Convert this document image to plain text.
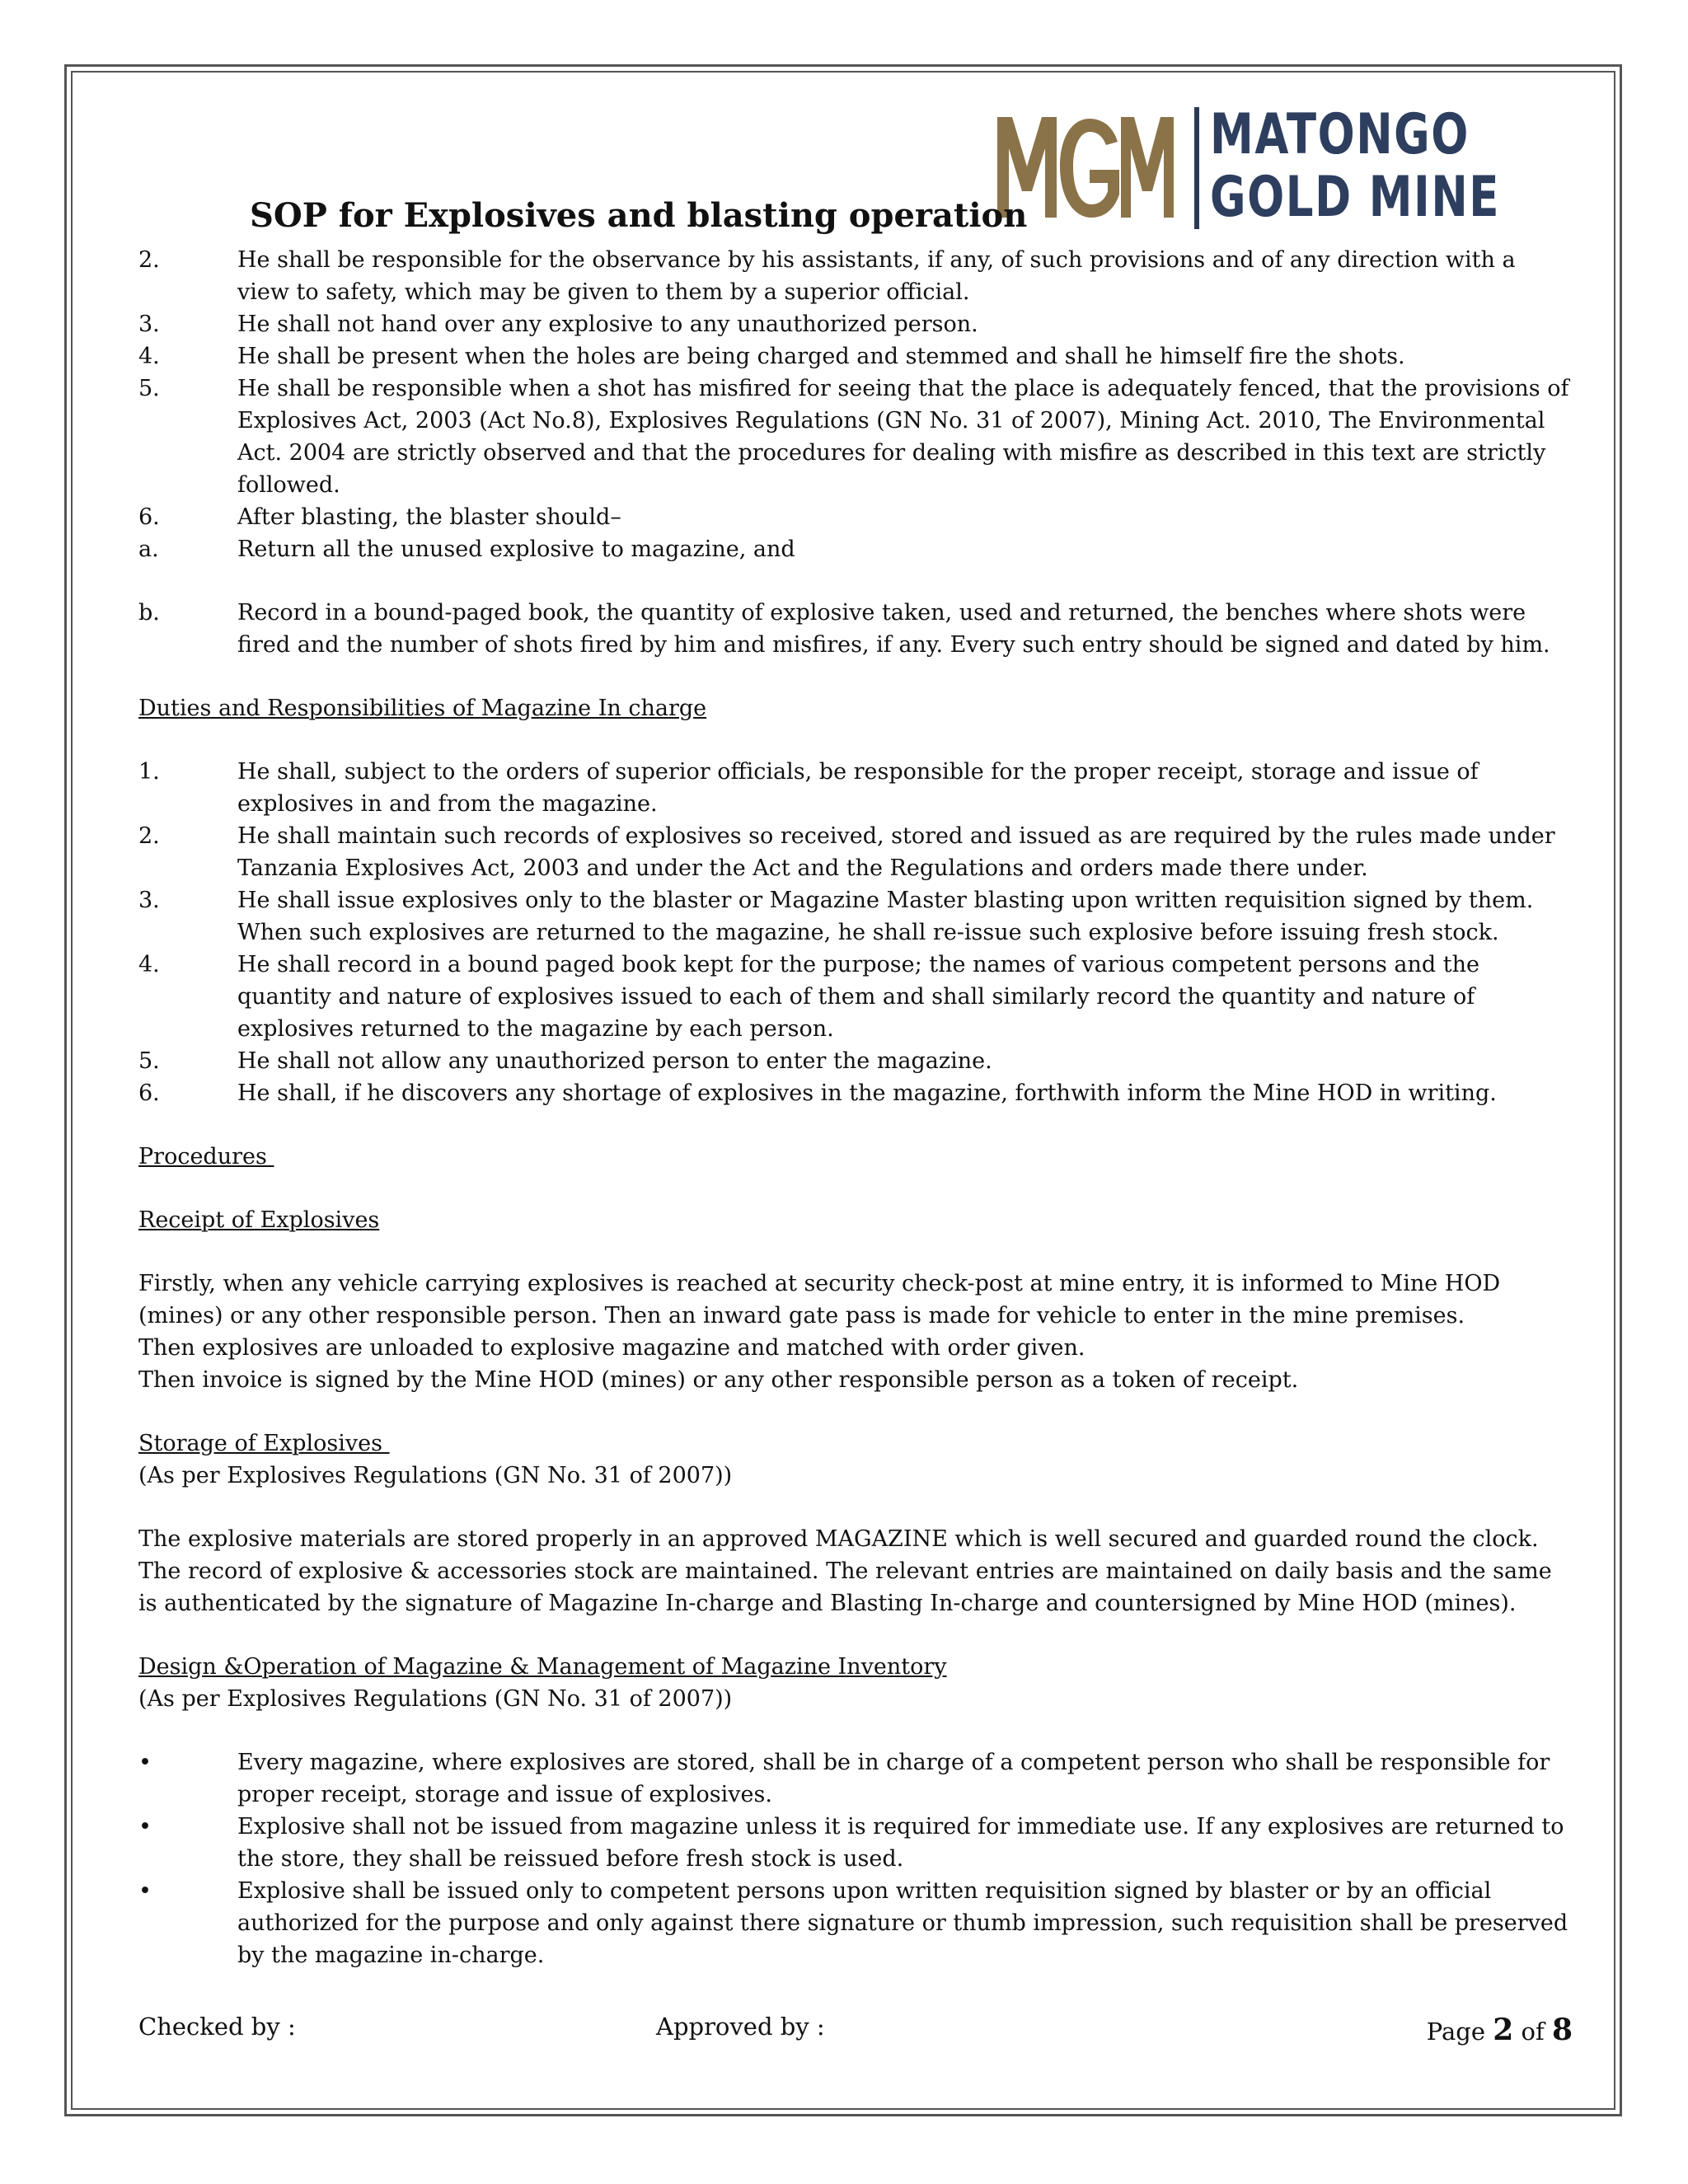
MATONGO
GOLD MINE
SOP for Explosives and blasting operation
2.	He shall be responsible for the observance by his assistants, if any, of such provisions and of any direction with a view to safety, which may be given to them by a superior official.
3.	He shall not hand over any explosive to any unauthorized person.
4.	He shall be present when the holes are being charged and stemmed and shall he himself fire the shots.
5.	He shall be responsible when a shot has misfired for seeing that the place is adequately fenced, that the provisions of Explosives Act, 2003 (Act No.8), Explosives Regulations (GN No. 31 of 2007), Mining Act. 2010, The Environmental Act. 2004 are strictly observed and that the procedures for dealing with misfire as described in this text are strictly followed.
6.	After blasting, the blaster should–
a.	Return all the unused explosive to magazine, and
b.	Record in a bound-paged book, the quantity of explosive taken, used and returned, the benches where shots were fired and the number of shots fired by him and misfires, if any. Every such entry should be signed and dated by him.
Duties and Responsibilities of Magazine In charge
1.	He shall, subject to the orders of superior officials, be responsible for the proper receipt, storage and issue of explosives in and from the magazine.
2.	He shall maintain such records of explosives so received, stored and issued as are required by the rules made under Tanzania Explosives Act, 2003 and under the Act and the Regulations and orders made there under.
3.	He shall issue explosives only to the blaster or Magazine Master blasting upon written requisition signed by them. When such explosives are returned to the magazine, he shall re-issue such explosive before issuing fresh stock.
4.	He shall record in a bound paged book kept for the purpose; the names of various competent persons and the quantity and nature of explosives issued to each of them and shall similarly record the quantity and nature of explosives returned to the magazine by each person.
5.	He shall not allow any unauthorized person to enter the magazine.
6.	He shall, if he discovers any shortage of explosives in the magazine, forthwith inform the Mine HOD in writing.
Procedures
Receipt of Explosives
Firstly, when any vehicle carrying explosives is reached at security check-post at mine entry, it is informed to Mine HOD (mines) or any other responsible person. Then an inward gate pass is made for vehicle to enter in the mine premises.
Then explosives are unloaded to explosive magazine and matched with order given.
Then invoice is signed by the Mine HOD (mines) or any other responsible person as a token of receipt.
Storage of Explosives
(As per Explosives Regulations (GN No. 31 of 2007))
The explosive materials are stored properly in an approved MAGAZINE which is well secured and guarded round the clock. The record of explosive & accessories stock are maintained. The relevant entries are maintained on daily basis and the same is authenticated by the signature of Magazine In-charge and Blasting In-charge and countersigned by Mine HOD (mines).
Design &Operation of Magazine & Management of Magazine Inventory
(As per Explosives Regulations (GN No. 31 of 2007))
•	Every magazine, where explosives are stored, shall be in charge of a competent person who shall be responsible for proper receipt, storage and issue of explosives.
•	Explosive shall not be issued from magazine unless it is required for immediate use. If any explosives are returned to the store, they shall be reissued before fresh stock is used.
•	Explosive shall be issued only to competent persons upon written requisition signed by blaster or by an official authorized for the purpose and only against there signature or thumb impression, such requisition shall be preserved by the magazine in-charge.
Checked by :	Approved by :	Page 2 of 8
